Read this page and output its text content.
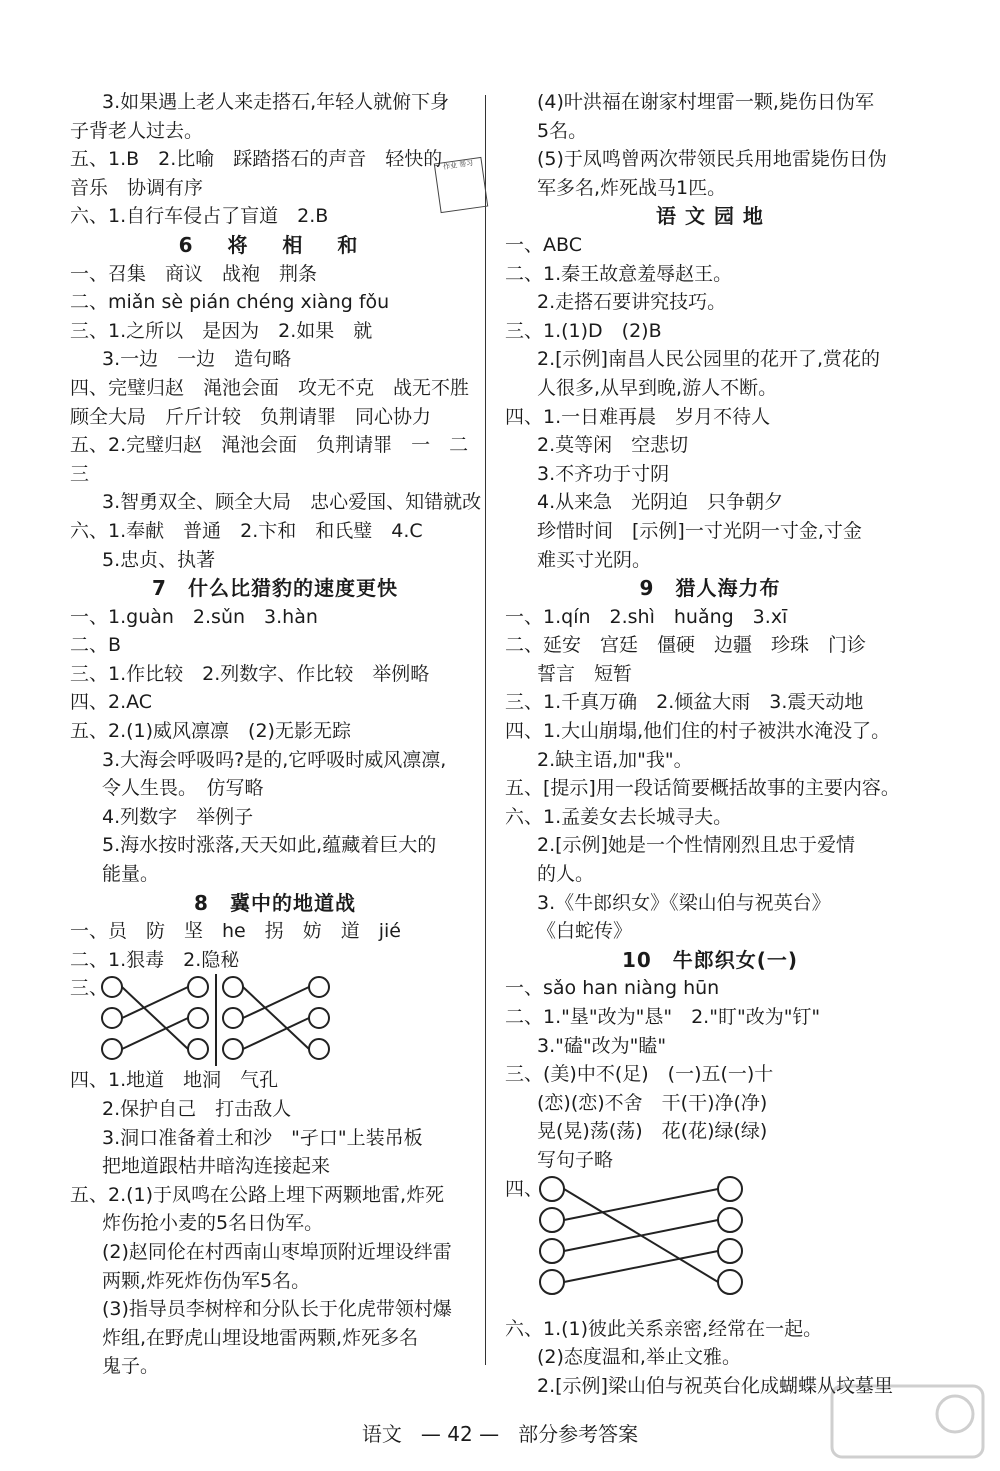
作业 帮习
3.如果遇上老人来走搭石,年轻人就俯下身
子背老人过去。
五、1.B　2.比喻　踩踏搭石的声音　轻快的
音乐　协调有序
六、1.自行车侵占了盲道　2.B
6 将 相 和
一、召集　商议　战袍　荆条
二、miǎn sè pián chéng xiàng fǒu
三、1.之所以　是因为　2.如果　就
3.一边　一边　造句略
四、完璧归赵　渑池会面　攻无不克　战无不胜
顾全大局　斤斤计较　负荆请罪　同心协力
五、2.完璧归赵　渑池会面　负荆请罪　一　二
三
3.智勇双全、顾全大局　忠心爱国、知错就改
六、1.奉献　普通　2.卞和　和氏璧　4.C
5.忠贞、执著
7　什么比猎豹的速度更快
一、1.guàn　2.sǔn　3.hàn
二、B
三、1.作比较　2.列数字、作比较　举例略
四、2.AC
五、2.(1)威风凛凛　(2)无影无踪
3.大海会呼吸吗?是的,它呼吸时威风凛凛,
令人生畏。　仿写略
4.列数字　举例子
5.海水按时涨落,天天如此,蕴藏着巨大的
能量。
8　冀中的地道战
一、员　防　坚　he　拐　妨　道　jié
二、1.狠毒　2.隐秘
三、
四、1.地道　地洞　气孔
2.保护自己　打击敌人
3.洞口准备着土和沙　"孑口"上装吊板
把地道跟枯井暗沟连接起来
五、2.(1)于凤鸣在公路上埋下两颗地雷,炸死
炸伤抢小麦的5名日伪军。
(2)赵同伦在村西南山枣埠顶附近埋设绊雷
两颗,炸死炸伤伪军5名。
(3)指导员李树梓和分队长于化虎带领村爆
炸组,在野虎山埋设地雷两颗,炸死多名
鬼子。
(4)叶洪福在谢家村埋雷一颗,毙伤日伪军
5名。
(5)于凤鸣曾两次带领民兵用地雷毙伤日伪
军多名,炸死战马1匹。
语 文 园 地
一、ABC
二、1.秦王故意羞辱赵王。
2.走搭石要讲究技巧。
三、1.(1)D　(2)B
2.[示例]南昌人民公园里的花开了,赏花的
人很多,从早到晚,游人不断。
四、1.一日难再晨　岁月不待人
2.莫等闲　空悲切
3.不齐功于寸阴
4.从来急　光阴迫　只争朝夕
珍惜时间　[示例]一寸光阴一寸金,寸金
难买寸光阴。
9　猎人海力布
一、1.qín　2.shì　huǎng　3.xī
二、延安　宫廷　僵硬　边疆　珍珠　门诊
誓言　短暂
三、1.千真万确　2.倾盆大雨　3.震天动地
四、1.大山崩塌,他们住的村子被洪水淹没了。
2.缺主语,加"我"。
五、[提示]用一段话简要概括故事的主要内容。
六、1.孟姜女去长城寻夫。
2.[示例]她是一个性情刚烈且忠于爱情
的人。
3.《牛郎织女》《梁山伯与祝英台》
《白蛇传》
10　牛郎织女(一)
一、sǎo han niàng hūn
二、1."垦"改为"恳"　2."盯"改为"钉"
3."磕"改为"瞌"
三、(美)中不(足)　(一)五(一)十
(恋)(恋)不舍　干(干)净(净)
晃(晃)荡(荡)　花(花)绿(绿)
写句子略
四、
六、1.(1)彼此关系亲密,经常在一起。
(2)态度温和,举止文雅。
2.[示例]梁山伯与祝英台化成蝴蝶从坟墓里
语文 — 42 — 部分参考答案
